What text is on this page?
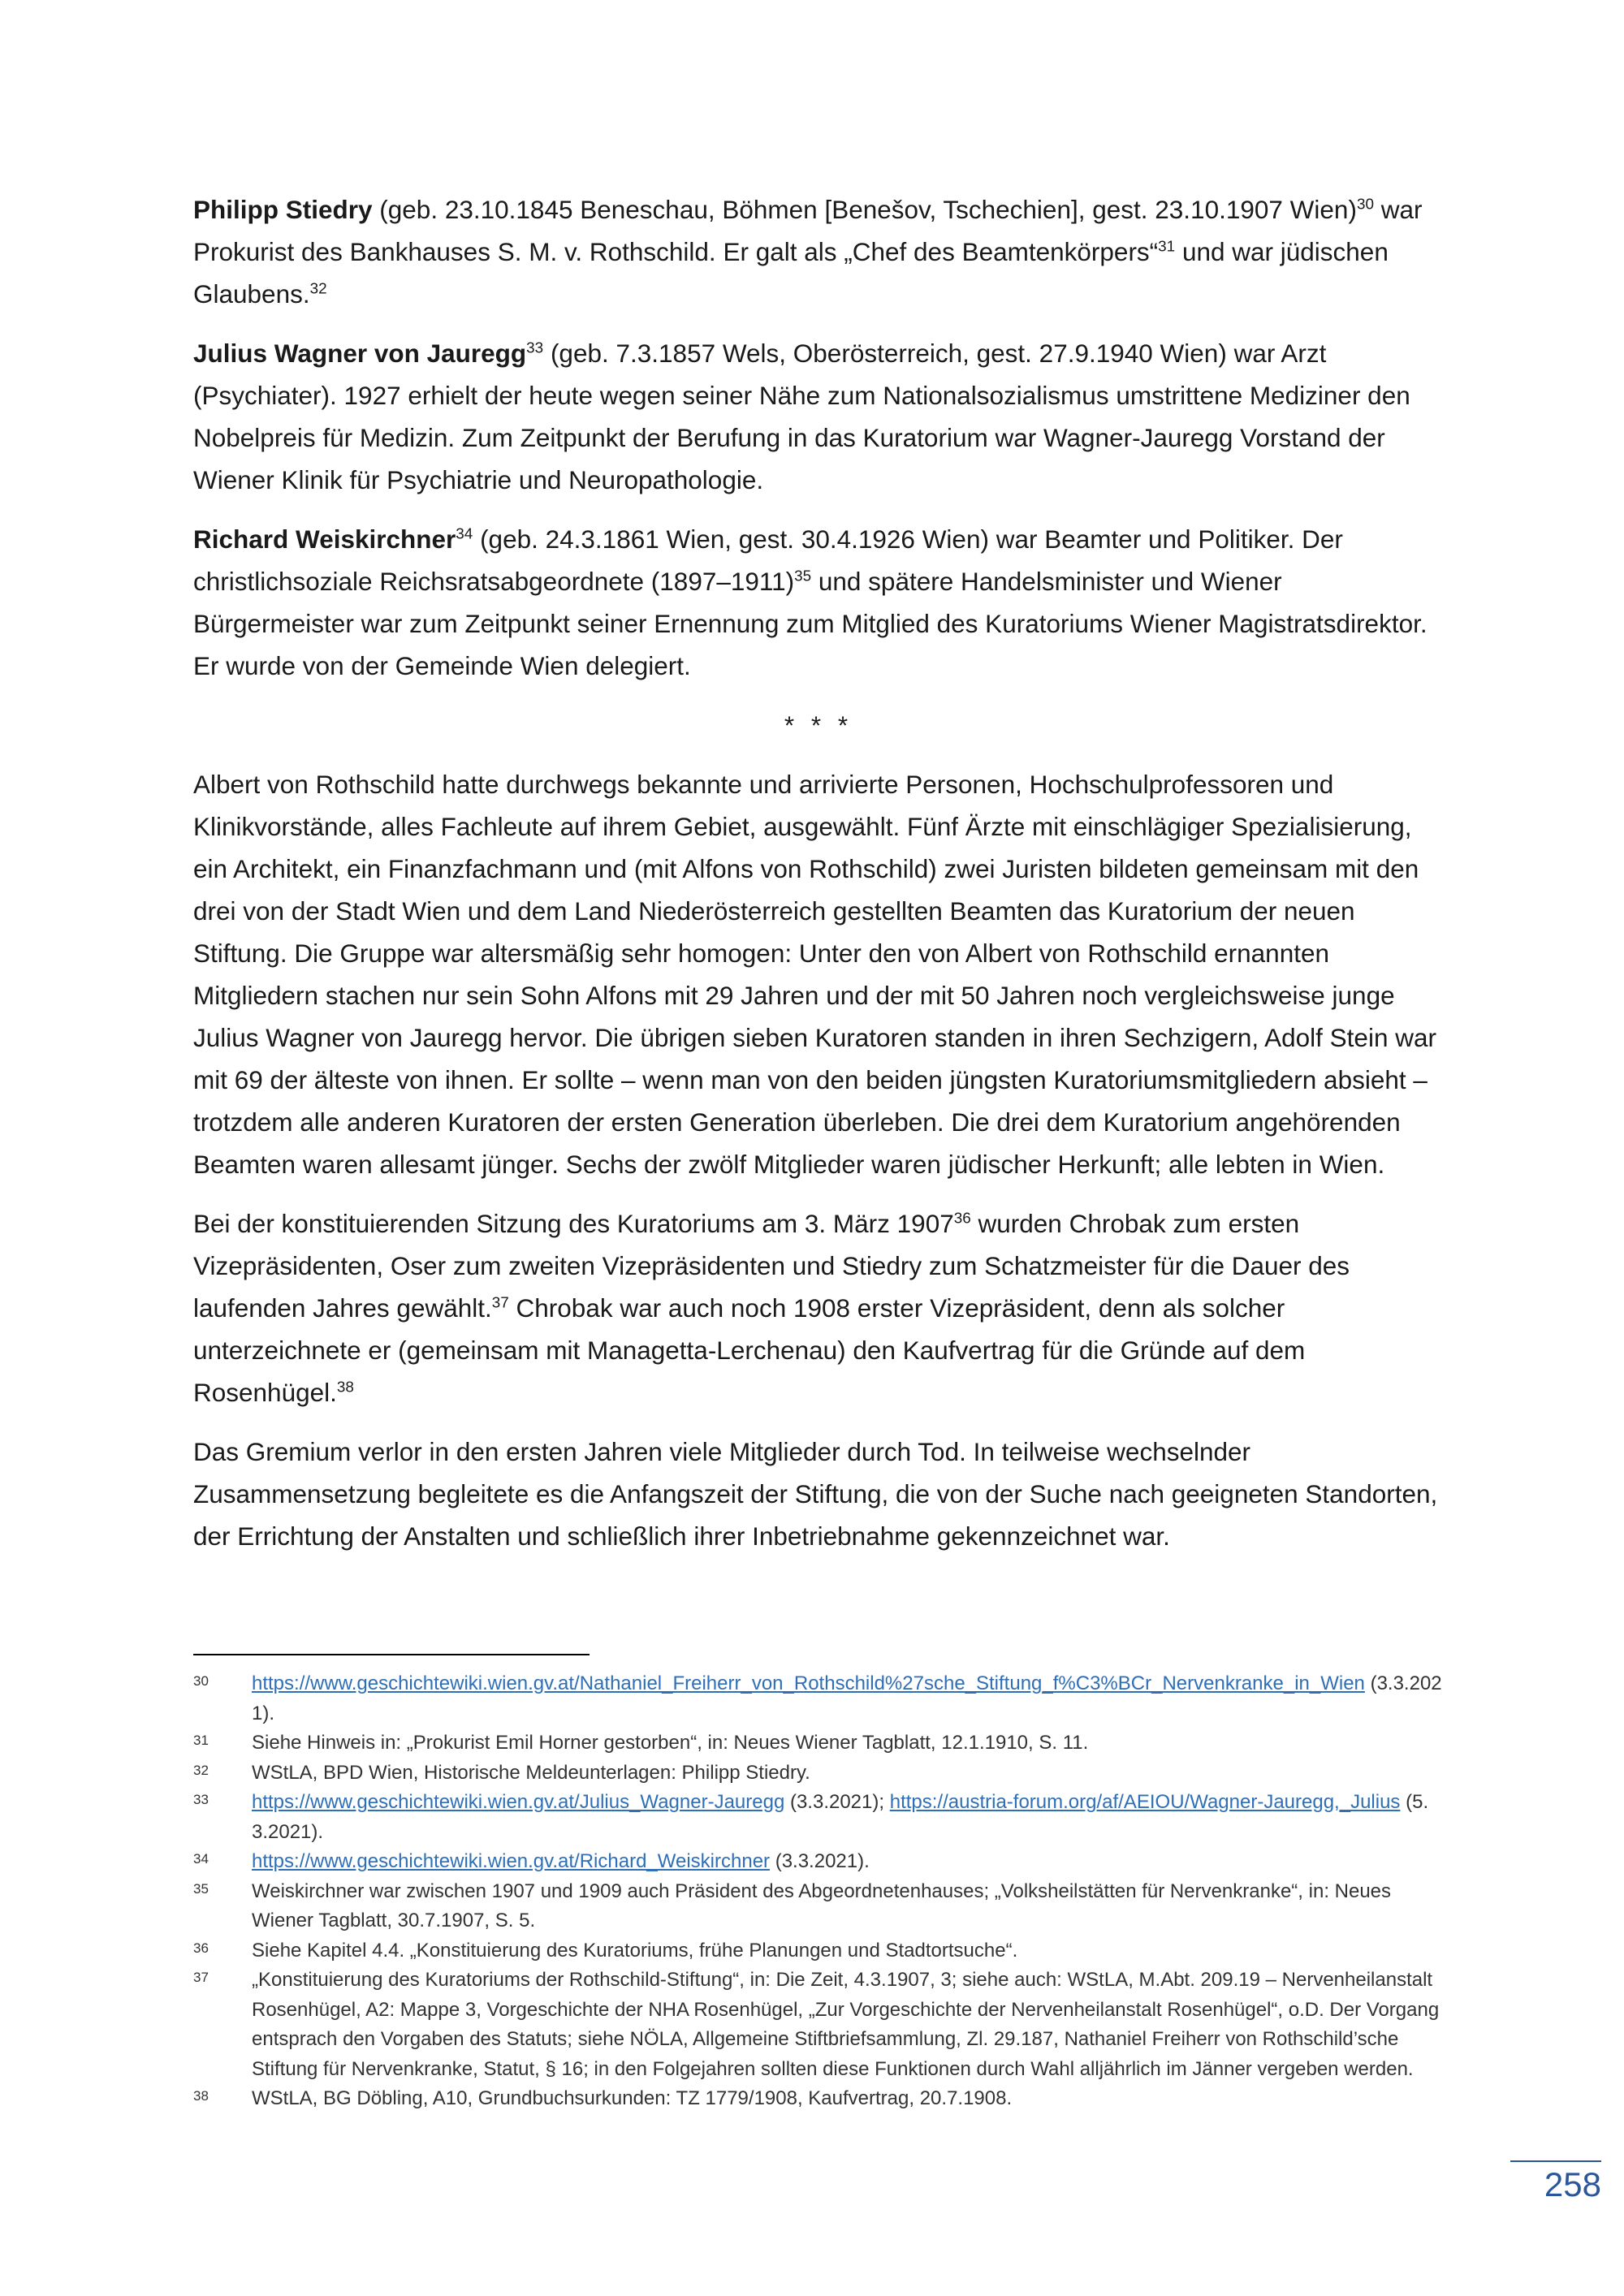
Philipp Stiedry (geb. 23.10.1845 Beneschau, Böhmen [Benešov, Tschechien], gest. 23.10.1907 Wien)$^{30}$ war Prokurist des Bankhauses S. M. v. Rothschild. Er galt als „Chef des Beamtenkörpers“$^{31}$ und war jüdischen Glaubens.$^{32}$

Julius Wagner von Jauregg$^{33}$ (geb. 7.3.1857 Wels, Oberösterreich, gest. 27.9.1940 Wien) war Arzt (Psychiater). 1927 erhielt der heute wegen seiner Nähe zum Nationalsozialismus umstrittene Mediziner den Nobelpreis für Medizin. Zum Zeitpunkt der Berufung in das Kuratorium war Wagner-Jauregg Vorstand der Wiener Klinik für Psychiatrie und Neuropathologie.

Richard Weiskirchner$^{34}$ (geb. 24.3.1861 Wien, gest. 30.4.1926 Wien) war Beamter und Politiker. Der christlichsoziale Reichsratsabgeordnete (1897–1911)$^{35}$ und spätere Handelsminister und Wiener Bürgermeister war zum Zeitpunkt seiner Ernennung zum Mitglied des Kuratoriums Wiener Magistratsdirektor. Er wurde von der Gemeinde Wien delegiert.

* * *

Albert von Rothschild hatte durchwegs bekannte und arrivierte Personen, Hochschulprofessoren und Klinikvorstände, alles Fachleute auf ihrem Gebiet, ausgewählt. Fünf Ärzte mit einschlägiger Spezialisierung, ein Architekt, ein Finanzfachmann und (mit Alfons von Rothschild) zwei Juristen bildeten gemeinsam mit den drei von der Stadt Wien und dem Land Niederösterreich gestellten Beamten das Kuratorium der neuen Stiftung. Die Gruppe war altersmäßig sehr homogen: Unter den von Albert von Rothschild ernannten Mitgliedern stachen nur sein Sohn Alfons mit 29 Jahren und der mit 50 Jahren noch vergleichsweise junge Julius Wagner von Jauregg hervor. Die übrigen sieben Kuratoren standen in ihren Sechzigern, Adolf Stein war mit 69 der älteste von ihnen. Er sollte – wenn man von den beiden jüngsten Kuratoriumsmitgliedern absieht – trotzdem alle anderen Kuratoren der ersten Generation überleben. Die drei dem Kuratorium angehörenden Beamten waren allesamt jünger. Sechs der zwölf Mitglieder waren jüdischer Herkunft; alle lebten in Wien.

Bei der konstituierenden Sitzung des Kuratoriums am 3. März 1907$^{36}$ wurden Chrobak zum ersten Vizepräsidenten, Oser zum zweiten Vizepräsidenten und Stiedry zum Schatzmeister für die Dauer des laufenden Jahres gewählt.$^{37}$ Chrobak war auch noch 1908 erster Vizepräsident, denn als solcher unterzeichnete er (gemeinsam mit Managetta-Lerchenau) den Kaufvertrag für die Gründe auf dem Rosenhügel.$^{38}$

Das Gremium verlor in den ersten Jahren viele Mitglieder durch Tod. In teilweise wechselnder Zusammensetzung begleitete es die Anfangszeit der Stiftung, die von der Suche nach geeigneten Standorten, der Errichtung der Anstalten und schließlich ihrer Inbetriebnahme gekennzeichnet war.

30	https://www.geschichtewiki.wien.gv.at/Nathaniel_Freiherr_von_Rothschild%27sche_Stiftung_f%C3%BCr_Nervenkranke_in_Wien (3.3.2021).
31	Siehe Hinweis in: „Prokurist Emil Horner gestorben“, in: Neues Wiener Tagblatt, 12.1.1910, S. 11.
32	WStLA, BPD Wien, Historische Meldeunterlagen: Philipp Stiedry.
33	https://www.geschichtewiki.wien.gv.at/Julius_Wagner-Jauregg (3.3.2021); https://austria-forum.org/af/AEIOU/Wagner-Jauregg,_Julius (5.3.2021).
34	https://www.geschichtewiki.wien.gv.at/Richard_Weiskirchner (3.3.2021).
35	Weiskirchner war zwischen 1907 und 1909 auch Präsident des Abgeordnetenhauses; „Volksheilstätten für Nervenkranke“, in: Neues Wiener Tagblatt, 30.7.1907, S. 5.
36	Siehe Kapitel 4.4. „Konstituierung des Kuratoriums, frühe Planungen und Stadtortsuche“.
37	„Konstituierung des Kuratoriums der Rothschild-Stiftung“, in: Die Zeit, 4.3.1907, 3; siehe auch: WStLA, M.Abt. 209.19 – Nervenheilanstalt Rosenhügel, A2: Mappe 3, Vorgeschichte der NHA Rosenhügel, „Zur Vorgeschichte der Nervenheilanstalt Rosenhügel“, o.D. Der Vorgang entsprach den Vorgaben des Statuts; siehe NÖLA, Allgemeine Stiftbriefsammlung, Zl. 29.187, Nathaniel Freiherr von Rothschild’sche Stiftung für Nervenkranke, Statut, § 16; in den Folgejahren sollten diese Funktionen durch Wahl alljährlich im Jänner vergeben werden.
38	WStLA, BG Döbling, A10, Grundbuchsurkunden: TZ 1779/1908, Kaufvertrag, 20.7.1908.
258
